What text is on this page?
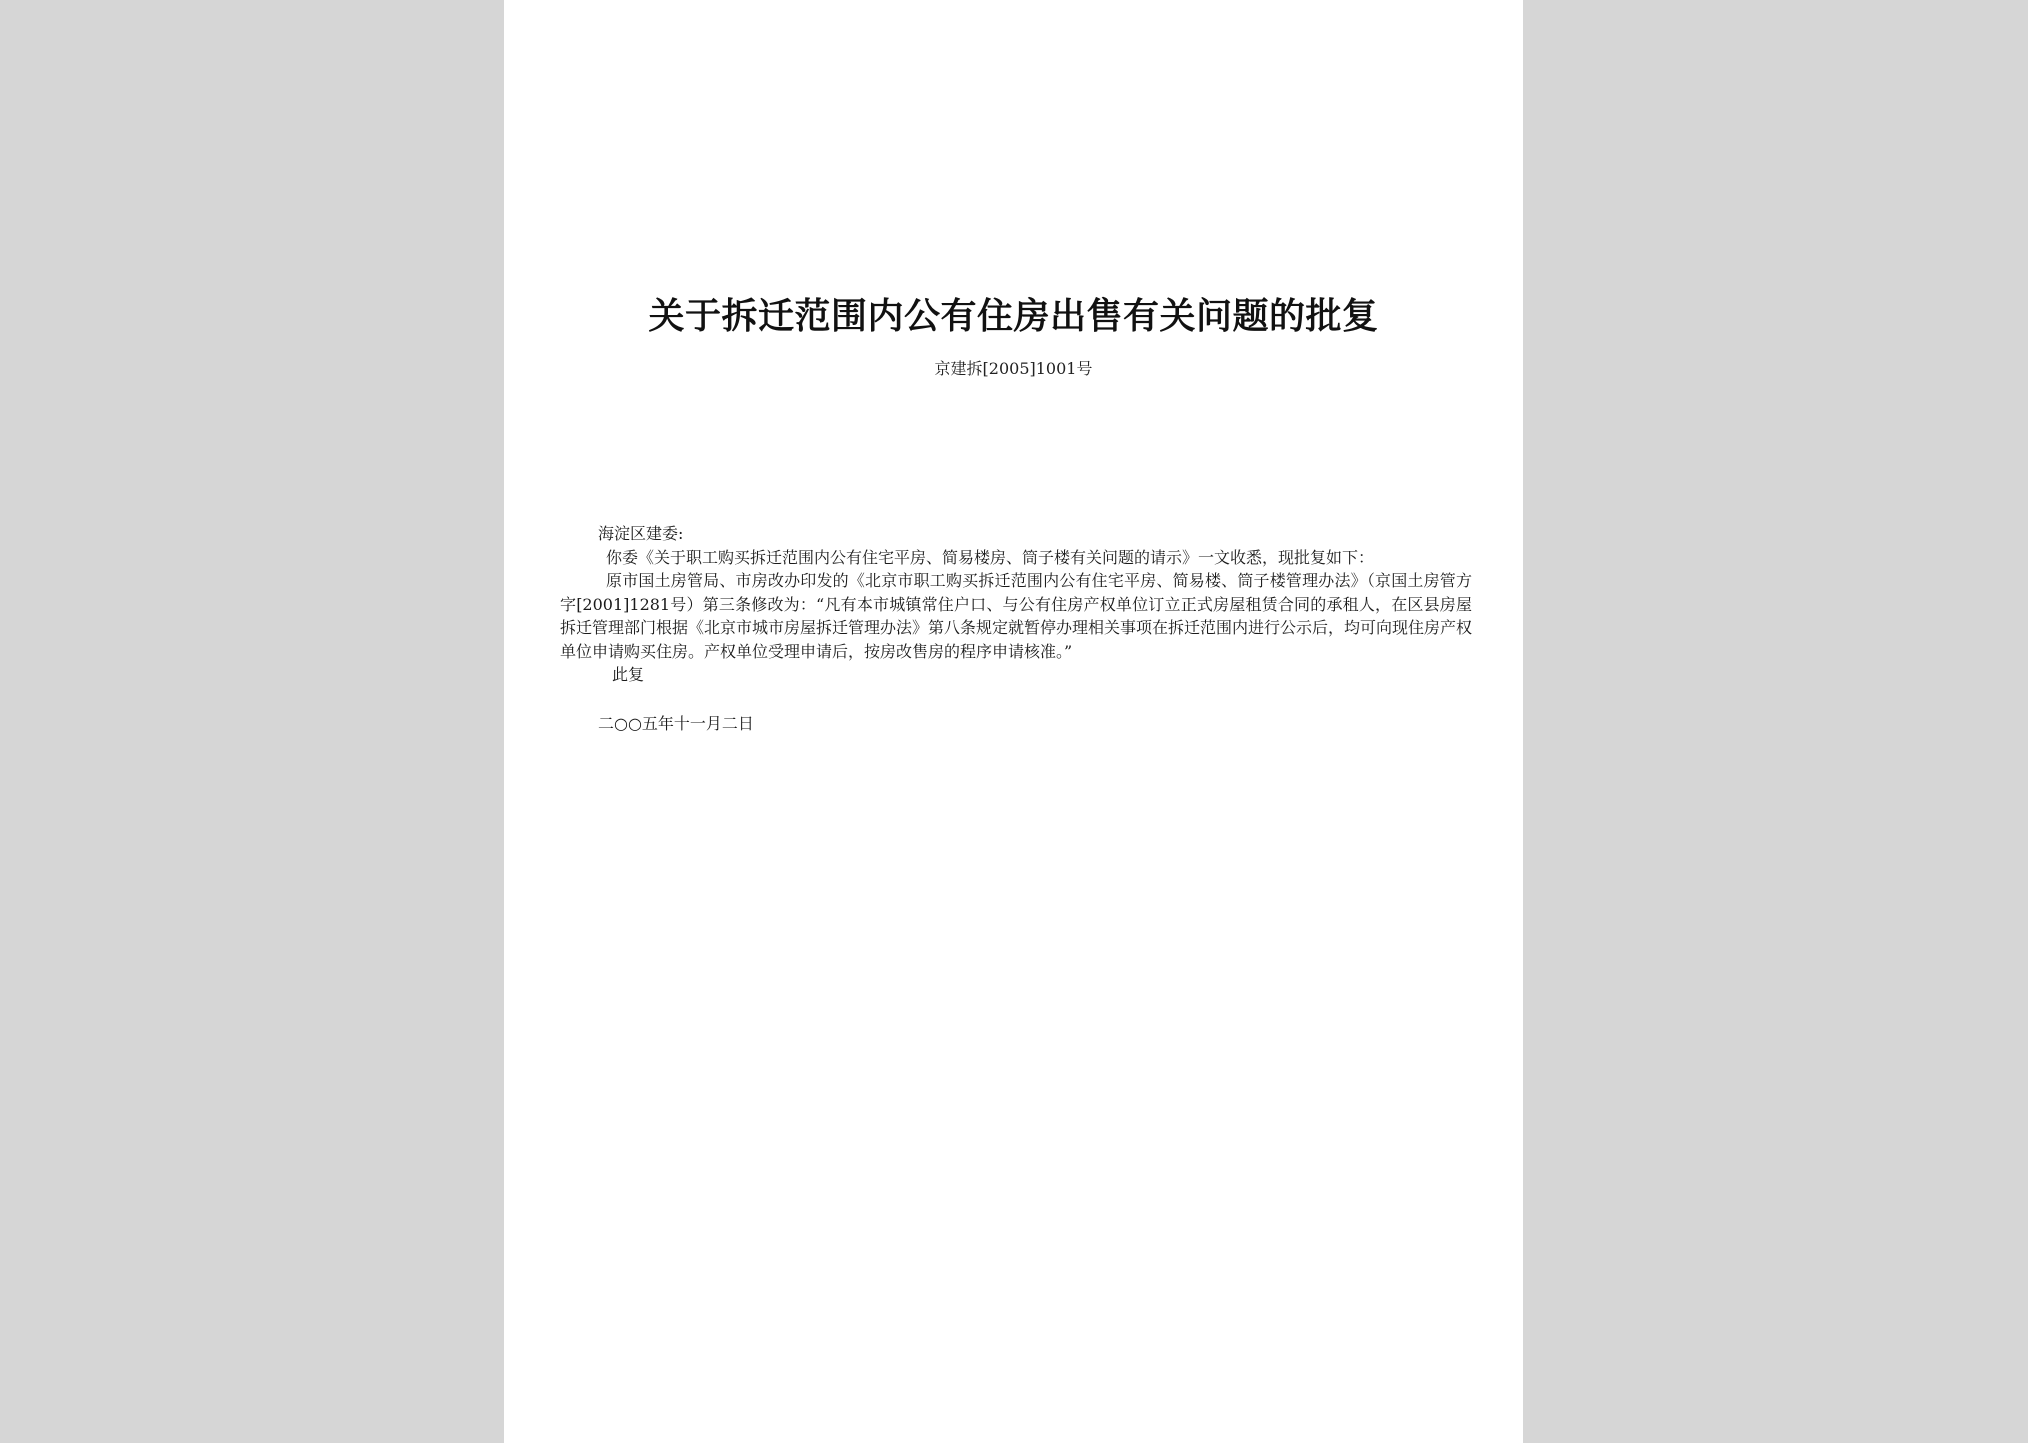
关于拆迁范围内公有住房出售有关问题的批复
京建拆[2005]1001号

海淀区建委:

你委《关于职工购买拆迁范围内公有住宅平房、简易楼房、筒子楼有关问题的请示》一文收悉，现批复如下：

原市国土房管局、市房改办印发的《北京市职工购买拆迁范围内公有住宅平房、简易楼、筒子楼管理办法》（京国土房管方字[2001]1281号）第三条修改为：“凡有本市城镇常住户口、与公有住房产权单位订立正式房屋租赁合同的承租人，在区县房屋拆迁管理部门根据《北京市城市房屋拆迁管理办法》第八条规定就暂停办理相关事项在拆迁范围内进行公示后，均可向现住房产权单位申请购买住房。产权单位受理申请后，按房改售房的程序申请核准。”

此复

二○○五年十一月二日
